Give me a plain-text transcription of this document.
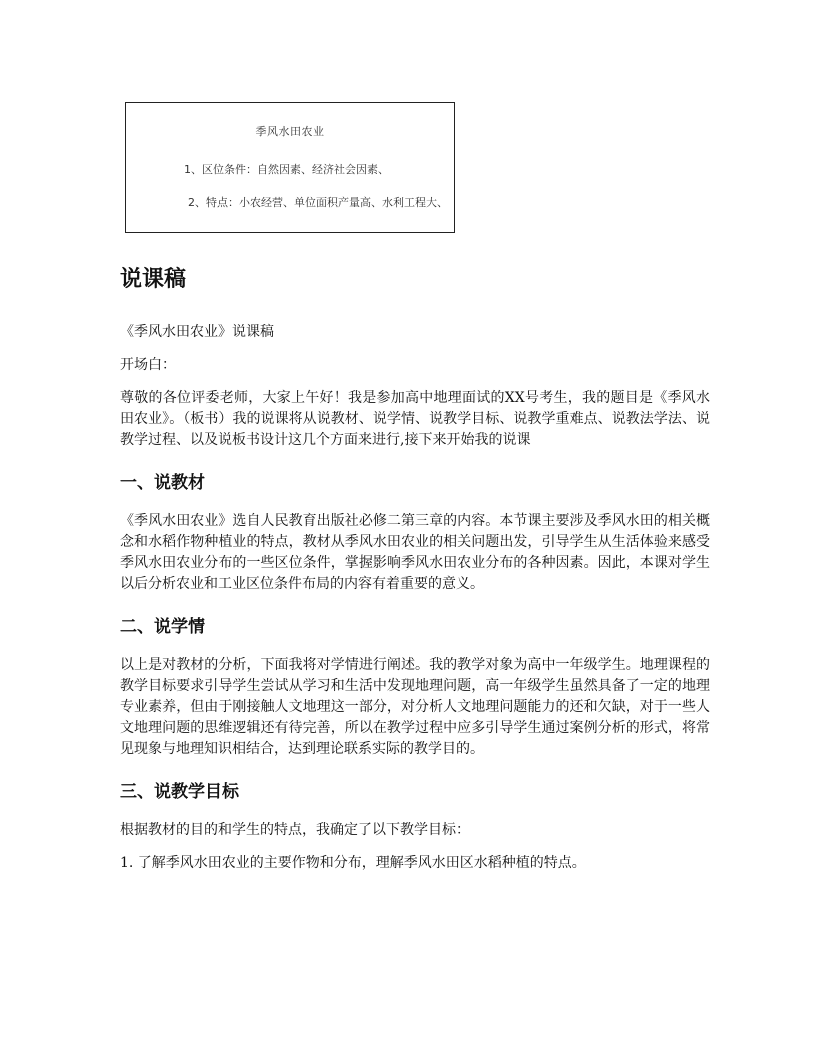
季风水田农业
1、区位条件：自然因素、经济社会因素、
2、特点：小农经营、单位面积产量高、水利工程大、
说课稿

《季风水田农业》说课稿

开场白：

尊敬的各位评委老师，大家上午好！我是参加高中地理面试的XX号考生，我的题目是《季风水田农业》。（板书）我的说课将从说教材、说学情、说教学目标、说教学重难点、说教法学法、说教学过程、以及说板书设计这几个方面来进行,接下来开始我的说课

一、说教材

《季风水田农业》选自人民教育出版社必修二第三章的内容。本节课主要涉及季风水田的相关概念和水稻作物种植业的特点，教材从季风水田农业的相关问题出发，引导学生从生活体验来感受季风水田农业分布的一些区位条件，掌握影响季风水田农业分布的各种因素。因此，本课对学生以后分析农业和工业区位条件布局的内容有着重要的意义。

二、说学情

以上是对教材的分析，下面我将对学情进行阐述。我的教学对象为高中一年级学生。地理课程的教学目标要求引导学生尝试从学习和生活中发现地理问题，高一年级学生虽然具备了一定的地理专业素养，但由于刚接触人文地理这一部分，对分析人文地理问题能力的还和欠缺，对于一些人文地理问题的思维逻辑还有待完善，所以在教学过程中应多引导学生通过案例分析的形式，将常见现象与地理知识相结合，达到理论联系实际的教学目的。

三、说教学目标

根据教材的目的和学生的特点，我确定了以下教学目标：

1. 了解季风水田农业的主要作物和分布，理解季风水田区水稻种植的特点。
